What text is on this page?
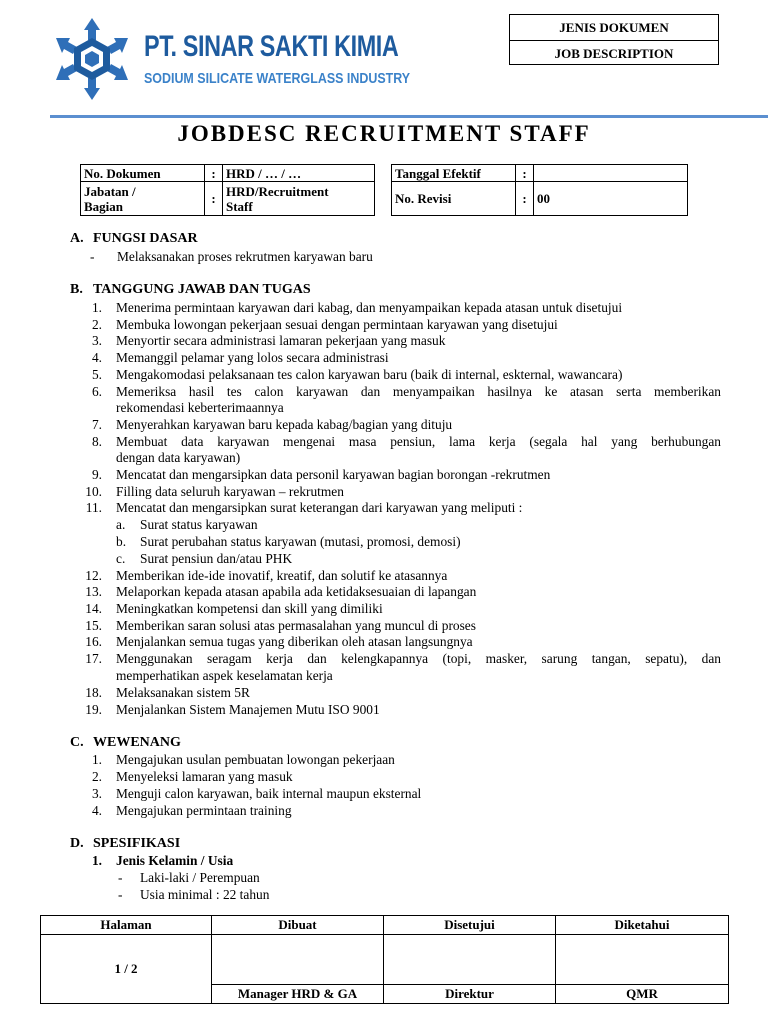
PT. SINAR SAKTI KIMIA
SODIUM SILICATE WATERGLASS INDUSTRY
JENIS DOKUMEN
JOB DESCRIPTION
JOBDESC RECRUITMENT STAFF
No. Dokumen	:	HRD / … / …
Jabatan /
Bagian	:	HRD/Recruitment
Staff
Tanggal Efektif	:	
No. Revisi	:	00
A. FUNGSI DASAR
- Melaksanakan proses rekrutmen karyawan baru
B. TANGGUNG JAWAB DAN TUGAS
1. Menerima permintaan karyawan dari kabag, dan menyampaikan kepada atasan untuk disetujui
2. Membuka lowongan pekerjaan sesuai dengan permintaan karyawan yang disetujui
3. Menyortir secara administrasi lamaran pekerjaan yang masuk
4. Memanggil pelamar yang lolos secara administrasi
5. Mengakomodasi pelaksanaan tes calon karyawan baru (baik di internal, eskternal, wawancara)
6. Memeriksa hasil tes calon karyawan dan menyampaikan hasilnya ke atasan serta memberikan
rekomendasi keberterimaannya
7. Menyerahkan karyawan baru kepada kabag/bagian yang dituju
8. Membuat data karyawan mengenai masa pensiun, lama kerja (segala hal yang berhubungan
dengan data karyawan)
9. Mencatat dan mengarsipkan data personil karyawan bagian borongan -rekrutmen
10. Filling data seluruh karyawan – rekrutmen
11. Mencatat dan mengarsipkan surat keterangan dari karyawan yang meliputi :
a. Surat status karyawan
b. Surat perubahan status karyawan (mutasi, promosi, demosi)
c. Surat pensiun dan/atau PHK
12. Memberikan ide-ide inovatif, kreatif, dan solutif ke atasannya
13. Melaporkan kepada atasan apabila ada ketidaksesuaian di lapangan
14. Meningkatkan kompetensi dan skill yang dimiliki
15. Memberikan saran solusi atas permasalahan yang muncul di proses
16. Menjalankan semua tugas yang diberikan oleh atasan langsungnya
17. Menggunakan seragam kerja dan kelengkapannya (topi, masker, sarung tangan, sepatu), dan
memperhatikan aspek keselamatan kerja
18. Melaksanakan sistem 5R
19. Menjalankan Sistem Manajemen Mutu ISO 9001
C. WEWENANG
1. Mengajukan usulan pembuatan lowongan pekerjaan
2. Menyeleksi lamaran yang masuk
3. Menguji calon karyawan, baik internal maupun eksternal
4. Mengajukan permintaan training
D. SPESIFIKASI
1. Jenis Kelamin / Usia
- Laki-laki / Perempuan
- Usia minimal : 22 tahun
Halaman	Dibuat	Disetujui	Diketahui
1 / 2			
	Manager HRD & GA	Direktur	QMR
